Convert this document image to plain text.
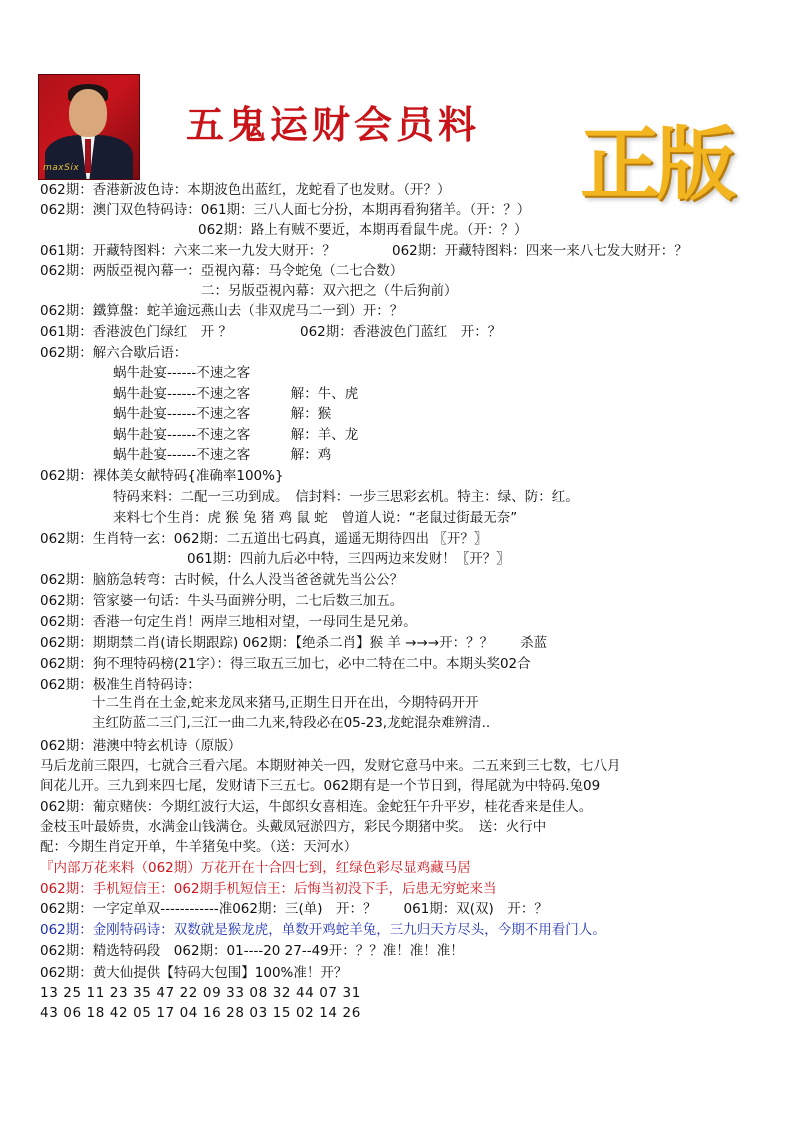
maxSix
五鬼运财会员料 正版
062期：香港新波色诗：本期波色出蓝红，龙蛇看了也发财。（开？）
062期：澳门双色特码诗：061期：三八人面七分扮，本期再看狗猪羊。（开：？）
062期：路上有贼不要近，本期再看鼠牛虎。（开：？）
061期：开藏特图料：六来二来一九发大财开：？	062期：开藏特图料：四来一来八七发大财开：？
062期：两版亞視內幕一：亞視內幕：马令蛇兔（二七合数）
二：另版亞視內幕：双六把之（牛后狗前）
062期：鐵算盤：蛇羊逾远燕山去（非双虎马二一到）开：？
061期：香港波色门绿红　开 ？	062期：香港波色门蓝红　开：？
062期：解六合歇后语：
蜗牛赴宴------不速之客
蜗牛赴宴------不速之客　　　解：牛、虎
蜗牛赴宴------不速之客　　　解：猴
蜗牛赴宴------不速之客　　　解：羊、龙
蜗牛赴宴------不速之客　　　解：鸡
062期：裸体美女献特码{准确率100%}
特码来料：二配一三功到成。　信封料：一步三思彩玄机。特主：绿、防：红。
来料七个生肖：虎 猴 兔 猪 鸡 鼠 蛇　曾道人说：“老鼠过街最无奈”
062期：生肖特一玄：062期：二五道出七码真，遥遥无期待四出 〖开？〗
061期：四前九后必中特，三四两边来发财！〖开？〗
062期：脑筋急转弯：古时候，什么人没当爸爸就先当公公？
062期：管家婆一句话：牛头马面辨分明，二七后数三加五。
062期：香港一句定生肖！两岸三地相对望，一母同生是兄弟。
062期：期期禁二肖(请长期跟踪) 062期：【绝杀二肖】猴 羊 →→→开：？？　　杀蓝
062期：狗不理特码榜(21字）：得三取五三加七，必中二特在二中。本期头奖02合
062期：极准生肖特码诗：
十二生肖在土金,蛇来龙凤来猪马,正期生日开在出，今期特码开开
主红防蓝二三门,三江一曲二九来,特段必在05-23,龙蛇混杂难辨清..
062期：港澳中特玄机诗（原版）
马后龙前三限四，七就合三看六尾。本期财神关一四，发财它意马中来。二五来到三七数，七八月
间花儿开。三九到来四七尾，发财请下三五七。062期有是一个节日到，得尾就为中特码.兔09
062期：葡京赌侠：今期红波行大运，牛郎织女喜相连。金蛇狂午升平岁，桂花香来是佳人。
金枝玉叶最娇贵，水满金山钱满仓。头戴凤冠淤四方，彩民今期猪中奖。　送：火行中
配：今期生肖定开单，牛羊猪兔中奖。（送：天河水）
『内部万花来料（062期）万花开在十合四七到，红绿色彩尽显鸡藏马居
062期：手机短信王：062期手机短信王：后悔当初没下手，后患无穷蛇来当
062期：一字定单双------------准062期：三(单)　开：？　　061期：双(双)　开：？
062期：金刚特码诗：双数就是猴龙虎，单数开鸡蛇羊兔，三九归天方尽头，今期不用看门人。
062期：精选特码段　062期：01----20 27--49开：？？准！准！准！
062期：黄大仙提供【特码大包围】100%准！开？
13 25 11 23 35 47 22 09 33 08 32 44 07 31
43 06 18 42 05 17 04 16 28 03 15 02 14 26
